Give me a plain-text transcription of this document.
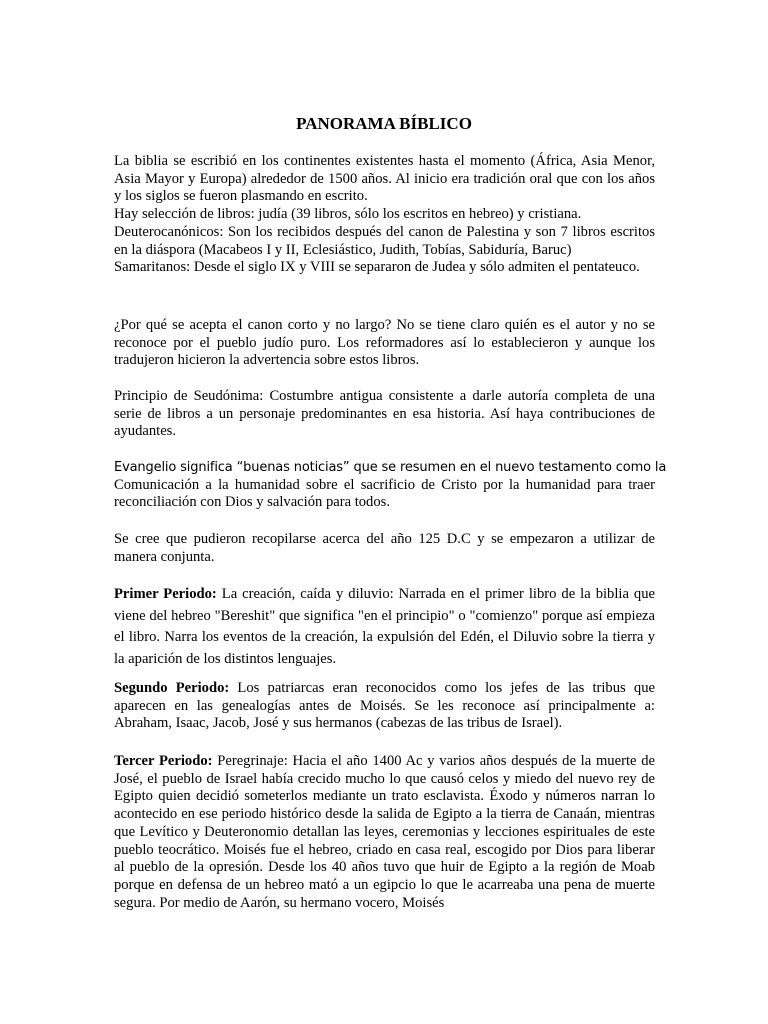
PANORAMA BÍBLICO
La biblia se escribió en los continentes existentes hasta el momento (África, Asia Menor, Asia Mayor y Europa) alrededor de 1500 años. Al inicio era tradición oral que con los años y los siglos se fueron plasmando en escrito.
Hay selección de libros: judía (39 libros, sólo los escritos en hebreo) y cristiana.
Deuterocanónicos: Son los recibidos después del canon de Palestina y son 7 libros escritos en la diáspora (Macabeos I y II, Eclesiástico, Judith, Tobías, Sabiduría, Baruc)
Samaritanos: Desde el siglo IX y VIII se separaron de Judea y sólo admiten el pentateuco.

¿Por qué se acepta el canon corto y no largo? No se tiene claro quién es el autor y no se reconoce por el pueblo judío puro. Los reformadores así lo establecieron y aunque los tradujeron hicieron la advertencia sobre estos libros.

Principio de Seudónima: Costumbre antigua consistente a darle autoría completa de una serie de libros a un personaje predominantes en esa historia. Así haya contribuciones de ayudantes.

Evangelio significa “buenas noticias” que se resumen en el nuevo testamento como la
Comunicación a la humanidad sobre el sacrificio de Cristo por la humanidad para traer reconciliación con Dios y salvación para todos.

Se cree que pudieron recopilarse acerca del año 125 D.C y se empezaron a utilizar de manera conjunta.

Primer Periodo: La creación, caída y diluvio: Narrada en el primer libro de la biblia que viene del hebreo "Bereshit" que significa "en el principio" o "comienzo" porque así empieza el libro. Narra los eventos de la creación, la expulsión del Edén, el Diluvio sobre la tierra y la aparición de los distintos lenguajes.

Segundo Periodo: Los patriarcas eran reconocidos como los jefes de las tribus que aparecen en las genealogías antes de Moisés. Se les reconoce así principalmente a: Abraham, Isaac, Jacob, José y sus hermanos (cabezas de las tribus de Israel).

Tercer Periodo: Peregrinaje: Hacia el año 1400 Ac y varios años después de la muerte de José, el pueblo de Israel había crecido mucho lo que causó celos y miedo del nuevo rey de Egipto quien decidió someterlos mediante un trato esclavista. Éxodo y números narran lo acontecido en ese periodo histórico desde la salida de Egipto a la tierra de Canaán, mientras que Levítico y Deuteronomio detallan las leyes, ceremonias y lecciones espirituales de este pueblo teocrático. Moisés fue el hebreo, criado en casa real, escogido por Dios para liberar al pueblo de la opresión. Desde los 40 años tuvo que huir de Egipto a la región de Moab porque en defensa de un hebreo mató a un egipcio lo que le acarreaba una pena de muerte segura. Por medio de Aarón, su hermano vocero, Moisés
